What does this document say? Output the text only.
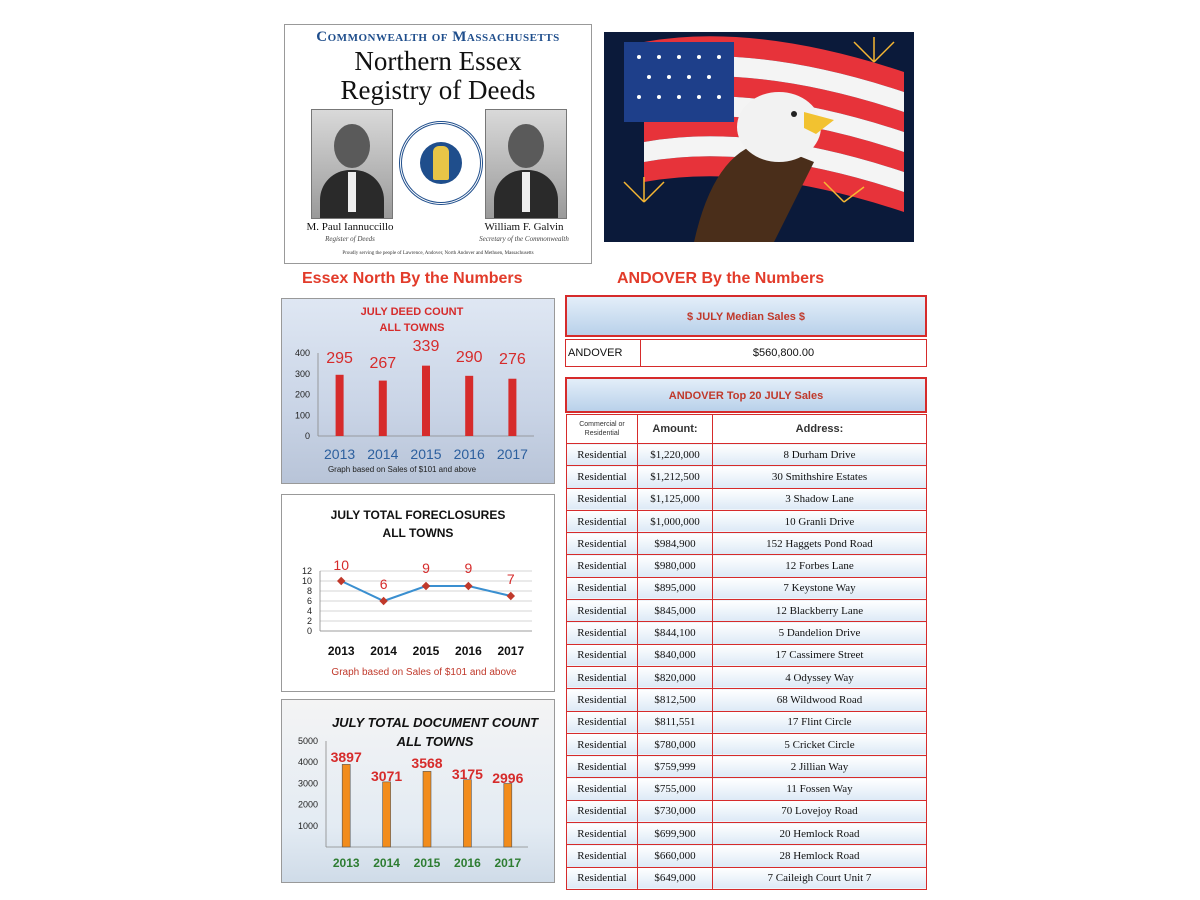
Commonwealth of Massachusetts
Northern Essex
Registry of Deeds
M. Paul Iannuccillo
Register of Deeds
William F. Galvin
Secretary of the Commonwealth
Proudly serving the people of Lawrence, Andover, North Andover and Methuen, Massachusetts
Essex North By the Numbers	ANDOVER By the Numbers
JULY DEED COUNT
ALL TOWNS
0
100
200
300
400 295
2013
267
2014
339
2015
290
2016
276
2017
Graph based on Sales of $101 and above
JULY TOTAL FORECLOSURES
ALL TOWNS
0
2
4
6
8
10
12 10
2013
6
2014
9
2015
9
2016
7
2017
Graph based on Sales of $101 and above
JULY TOTAL DOCUMENT COUNT
ALL TOWNS
1000
2000
3000
4000
5000
3897
2013
3071
2014
3568
2015
3175
2016
2996
2017
$ JULY Median Sales $
ANDOVER	$560,800.00
ANDOVER Top 20 JULY Sales
Commercial or Residential	Amount:	Address:
Residential	$1,220,000	8 Durham Drive
Residential	$1,212,500	30 Smithshire Estates
Residential	$1,125,000	3 Shadow Lane
Residential	$1,000,000	10 Granli Drive
Residential	$984,900	152 Haggets Pond Road
Residential	$980,000	12 Forbes Lane
Residential	$895,000	7 Keystone Way
Residential	$845,000	12 Blackberry Lane
Residential	$844,100	5 Dandelion Drive
Residential	$840,000	17 Cassimere Street
Residential	$820,000	4 Odyssey Way
Residential	$812,500	68 Wildwood Road
Residential	$811,551	17 Flint Circle
Residential	$780,000	5 Cricket Circle
Residential	$759,999	2 Jillian Way
Residential	$755,000	11 Fossen Way
Residential	$730,000	70 Lovejoy Road
Residential	$699,900	20 Hemlock Road
Residential	$660,000	28 Hemlock Road
Residential	$649,000	7 Caileigh Court Unit 7
